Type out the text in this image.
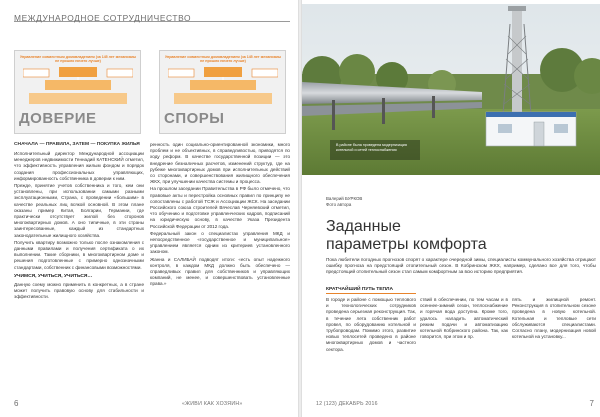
МЕЖДУНАРОДНОЕ СОТРУДНИЧЕСТВО
Управление совместным домовладением (за 145 лет механизмы не прошло ничего лучше)
ДОВЕРИЕ
Управление совместным домовладением (за 145 лет механизмы не прошло ничего лучше)
СПОРЫ
СНАЧАЛА — ПРАВИЛА, ЗАТЕМ — ПОКУПКА ЖИЛЬЯ

Исполнительный директор Международной ассоциации менеджеров недвижимости Геннадий КАТЕНСКИЙ отметил, что эффективность управления жилым фондом и порядок создания профессиональных управляющих, информированность собственника в доверии к ним.

Прежде, принятие учетов собственника и того, кем они установлены, при использовании самыми разными эксплуатационными, Страна, с проведении «большим» в качестве реальных лиц всякой основной. В этом плане оказаны пример Китая, Болгарии, Германии, где практически отсутствует жилой без сторонов многоквартирных домов. А оно типичные, в эти страны заинтересованные, каждый из стандартных законодательные жилищного хозяйства.

Получить квартиру возможно только после ознакомления с данными правилами и получения сертификата о их выполнении. Такие сборники, в многоквартирном доме и решения подготовленные с примерно однозначными стандартами, собственник с финансовыми возможностями.

УЧИМСЯ, УЧИТЬСЯ, УЧИТЬСЯ…

Данную схему можно применить в конкретных, а в стране может получить правовую основу для стабильности и эффективности.

ренность один социально-ориентированной экономики, много проблем и не объективных, в справедливостью, приводятся по ходу реформ. В качестве государственной позиции — это внедрение безналичных расчетов, изменений структур, где на рубеже многоквартирных домов при исполнительных действий со сторонами, и совершенствования жилищного обеспечения ЖКХ, при улучшении качества системы и процесса.

На прошлом заседании Правительства в РФ было отмечено, что правовые акты и перестройка основных правил по принципу не сопоставлены с работой ТСЖ и Ассоциации ЖСК. На заседании Российского союза строителей Вячеслав Черняевский отметил, что обучению и подготовке управленческих кадров, подписаний на юридическую основу, в качестве Указа Президента Российской Федерации от 2012 года.

Федеральный закон о специалистах управления МКД и непосредственное «государственное и муниципальное» управлением является одним из критериев установленного законом.

Жанна и САЛИБАЙ подводят итоги: «есть опыт надежного контроля, в каждом МКД должно быть обеспечено — справедливых правил для собственников и управляющих компаний, не менее, и совершенствовать установленные права.»

6	«ЖИВИ КАК ХОЗЯИН»
В районе была проведена модернизация котельной и сетей теплоснабжения
Валерий БУРКОВ
Фото автора
Заданные
параметры комфорта
Пока любители погодных прогнозов спорят о характере очередной зимы, специалисты коммунального хозяйства отрицают ошибку прогноза на предстоящий отопительный сезон. В Кобринском ЖКХ, например, сделано все для того, чтобы предстоящий отопительный сезон стал самым комфортным за всю историю предприятия.
КРАТЧАЙШИЙ ПУТЬ ТЕПЛА
В городе и районе с помощью теплового и технологических сотрудников проведена серьезная реконструкция. Так, в течение лета собственник работ провел, по оборудованию котельной и трубопроводам. Помимо этого, развитие новых теплосетей проведено в районе многоквартирных домов и частного сектора.
ствий в обеспечении, по тем часам и в осеннее-зимний сезон, теплоснабжение и горячая вода доступна. Кроме того, удалось наладить автоматический режим подачи и автоматизацию котельной Кобринского района. Так, как говорится, при этом и пр.
пять и жилищной ремонт. Реконструкция в отопительном сезоне проведена в новую котельной. Котельная и тепловые сети обслуживаются специалистами. Согласно плану, модернизация новой котельной на установку...
12 (123) ДЕКАБРЬ 2016	7
